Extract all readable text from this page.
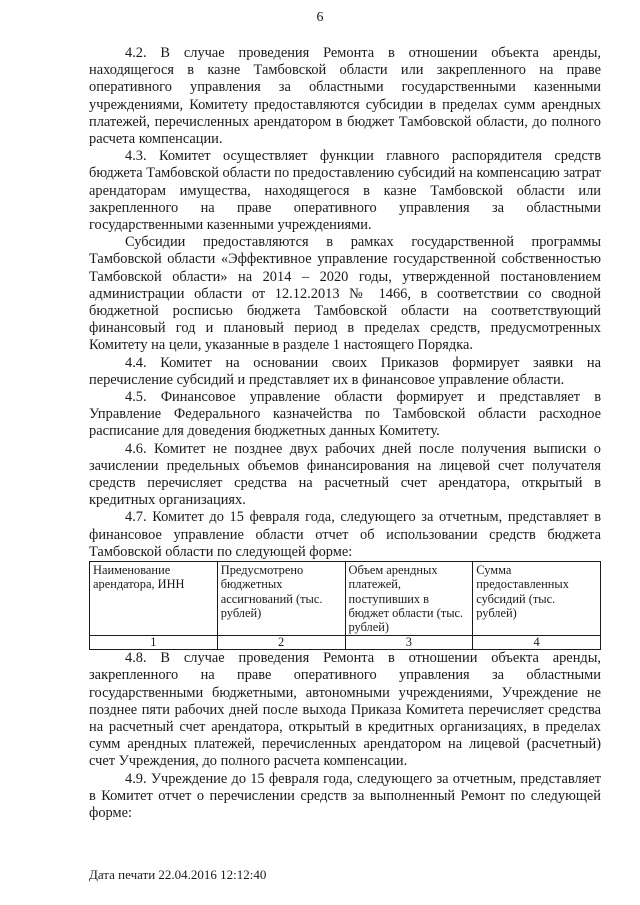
6

4.2. В случае проведения Ремонта в отношении объекта аренды, находящегося в казне Тамбовской области или закрепленного на праве оперативного управления за областными государственными казенными учреждениями, Комитету предоставляются субсидии в пределах сумм арендных платежей, перечисленных арендатором в бюджет Тамбовской области, до полного расчета компенсации.

4.3. Комитет осуществляет функции главного распорядителя средств бюджета Тамбовской области по предоставлению субсидий на компенсацию затрат арендаторам имущества, находящегося в казне Тамбовской области или закрепленного на праве оперативного управления за областными государственными казенными учреждениями.

Субсидии предоставляются в рамках государственной программы Тамбовской области «Эффективное управление государственной собственностью Тамбовской области» на 2014 – 2020 годы, утвержденной постановлением администрации области от 12.12.2013 № 1466, в соответствии со сводной бюджетной росписью бюджета Тамбовской области на соответствующий финансовый год и плановый период в пределах средств, предусмотренных Комитету на цели, указанные в разделе 1 настоящего Порядка.

4.4. Комитет на основании своих Приказов формирует заявки на перечисление субсидий и представляет их в финансовое управление области.

4.5. Финансовое управление области формирует и представляет в Управление Федерального казначейства по Тамбовской области расходное расписание для доведения бюджетных данных Комитету.

4.6. Комитет не позднее двух рабочих дней после получения выписки о зачислении предельных объемов финансирования на лицевой счет получателя средств перечисляет средства на расчетный счет арендатора, открытый в кредитных организациях.

4.7. Комитет до 15 февраля года, следующего за отчетным, представляет в финансовое управление области отчет об использовании средств бюджета Тамбовской области по следующей форме:

Наименование арендатора, ИНН	Предусмотрено бюджетных ассигнований (тыс. рублей)	Объем арендных платежей, поступивших в бюджет области (тыс. рублей)	Сумма предоставленных субсидий (тыс. рублей)
1	2	3	4

4.8. В случае проведения Ремонта в отношении объекта аренды, закрепленного на праве оперативного управления за областными государственными бюджетными, автономными учреждениями, Учреждение не позднее пяти рабочих дней после выхода Приказа Комитета перечисляет средства на расчетный счет арендатора, открытый в кредитных организациях, в пределах сумм арендных платежей, перечисленных арендатором на лицевой (расчетный) счет Учреждения, до полного расчета компенсации.

4.9. Учреждение до 15 февраля года, следующего за отчетным, представляет в Комитет отчет о перечислении средств за выполненный Ремонт по следующей форме:

Дата печати 22.04.2016 12:12:40
